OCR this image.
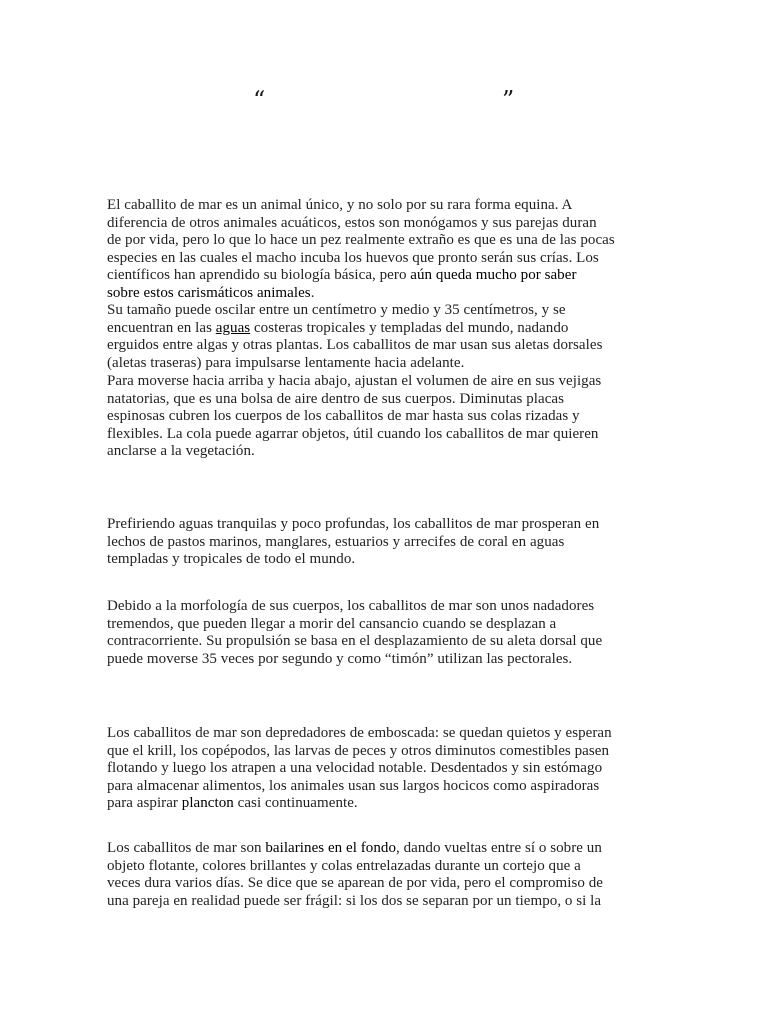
“	”
El caballito de mar es un animal único, y no solo por su rara forma equina. A
diferencia de otros animales acuáticos, estos son monógamos y sus parejas duran
de por vida, pero lo que lo hace un pez realmente extraño es que es una de las pocas
especies en las cuales el macho incuba los huevos que pronto serán sus crías. Los
científicos han aprendido su biología básica, pero aún queda mucho por saber
sobre estos carismáticos animales.
Su tamaño puede oscilar entre un centímetro y medio y 35 centímetros, y se
encuentran en las aguas costeras tropicales y templadas del mundo, nadando
erguidos entre algas y otras plantas. Los caballitos de mar usan sus aletas dorsales
(aletas traseras) para impulsarse lentamente hacia adelante.
Para moverse hacia arriba y hacia abajo, ajustan el volumen de aire en sus vejigas
natatorias, que es una bolsa de aire dentro de sus cuerpos. Diminutas placas
espinosas cubren los cuerpos de los caballitos de mar hasta sus colas rizadas y
flexibles. La cola puede agarrar objetos, útil cuando los caballitos de mar quieren
anclarse a la vegetación.
Prefiriendo aguas tranquilas y poco profundas, los caballitos de mar prosperan en
lechos de pastos marinos, manglares, estuarios y arrecifes de coral en aguas
templadas y tropicales de todo el mundo.
Debido a la morfología de sus cuerpos, los caballitos de mar son unos nadadores
tremendos, que pueden llegar a morir del cansancio cuando se desplazan a
contracorriente. Su propulsión se basa en el desplazamiento de su aleta dorsal que
puede moverse 35 veces por segundo y como “timón” utilizan las pectorales.
Los caballitos de mar son depredadores de emboscada: se quedan quietos y esperan
que el krill, los copépodos, las larvas de peces y otros diminutos comestibles pasen
flotando y luego los atrapen a una velocidad notable. Desdentados y sin estómago
para almacenar alimentos, los animales usan sus largos hocicos como aspiradoras
para aspirar plancton casi continuamente.
Los caballitos de mar son bailarines en el fondo, dando vueltas entre sí o sobre un
objeto flotante, colores brillantes y colas entrelazadas durante un cortejo que a
veces dura varios días. Se dice que se aparean de por vida, pero el compromiso de
una pareja en realidad puede ser frágil: si los dos se separan por un tiempo, o si la
